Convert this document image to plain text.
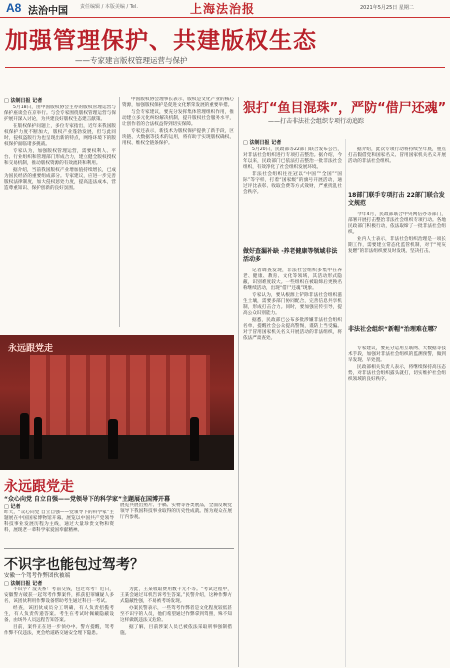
A8 法治中国 责任编辑 / 本版美编 / Tel.	上海法治报	2021年5月25日 星期二
加强管理保护、共建版权生态
——专家建言版权管理运营与保护
□ 法制日报 记者

5月18日，由中国版权协会主办的版权管理运营与保护座谈会在京举行。与会专家围绕版权管理运营与保护展开深入讨论，为共建良好版权生态建言献策。

在版权保护问题上，多位专家指出，近年来我国版权保护力度不断加大，版权产业蓬勃发展，但与此同时，侵权盗版行为也呈现出新的特点，网络环境下的版权保护面临诸多挑战。

专家认为，加强版权管理运营，需要权利人、平台、行业组织和管理部门形成合力，建立健全版权授权和交易机制，推动版权资源的有效流转和利用。

据介绍，当前我国版权产业增加值持续增长，已成为国民经济的重要组成部分。专家建议，应进一步完善版权法律制度，加大侵权惩处力度，提高违法成本，营造尊重知识、保护创新的良好氛围。

中国版权协会理事长表示，版权是文化产业的核心资源，加强版权保护是促进文化繁荣发展的重要举措。

与会专家建议，要充分发挥集体管理组织作用，推动建立多元化纠纷解决机制，提升版权社会服务水平，让创作者的合法权益得到切实保障。

专家还表示，新技术为版权保护提供了新手段，区块链、大数据等技术的运用，将有助于实现版权确权、用权、维权全链条保护。

永远跟党走
永远跟党走
“众心向党 自立自强——党领导下的科学家”主题展在国博开幕
□ 记者
昨天，“众心向党 自立自强——党领导下的科学家”主题展在中国国家博物馆开幕。展览以中国共产党领导科技事业发展历程为主线，通过大量珍贵文物和资料，展现老一辈科学家爱国奉献精神。
展览共展出照片、手稿、实物等各类展品，全面反映党领导下我国科技事业取得的历史性成就。图为观众在展厅内参观。
不识字也能包过驾考？
安徽一个驾考作弊团伙被端
□ 法制日报 记者

不识字？没关系！考前交钱，包过驾考！近日，安徽警方破获一起驾考作弊案件，抓获犯罪嫌疑人多名，该团伙利用作弊设备帮助考生通过科目一考试。

经查，该团伙成员分工明确，有人负责招揽考生，有人负责传递答案。考生在考试时佩戴隐蔽设备，由场外人员远程告知答案。

目前，案件正在进一步侦办中。警方提醒，驾考作弊不仅违法，更会给道路交通安全埋下隐患。

为此，王某收取费用数千元不等。“考试过程中，王某会通过耳机告诉考生答案。”民警介绍，这种作弊方式隐蔽性强，不易被考场发现。

办案民警表示，一些驾考作弊者是文化程度较低甚至不识字的人员，他们希望通过作弊拿到驾照，殊不知这样做既违法又危险。

据了解，目前涉案人员已被依法采取刑事强制措施。

狠打“鱼目混珠”，严防“借尸还魂”
——打击非法社会组织专项行动追踪
□ 法制日报 记者

5月20日，民政部等22部门联合发布公告，对非法社会组织进行专项打击整治。据介绍，今年以来，民政部门已依法打击整治一批非法社会组织，有效净化了社会组织发展环境。

非法社会组织往往冠以“中国”“全国”“国际”等字样，打着“国家级”的旗号开展活动，通过评比表彰、收取会费等方式敛财，严重扰乱社会秩序。

做好查漏补缺 ·养老健康等领域非法活动多

记者调查发现，非法社会组织多集中在养老、健康、教育、文化等领域，其活动形式隐蔽，识别难度较大。一些组织在被取缔后更换名称继续活动，出现“借尸还魂”现象。

专家认为，要从根源上铲除非法社会组织滋生土壤，需要多部门协同配合，完善信息共享机制，形成打击合力。同时，要加强宣传引导，提高公众识别能力。

据悉，民政部已公布多批涉嫌非法社会组织名单，提醒社会公众提高警惕，谨防上当受骗。对于冒用国家机关名义开展活动的非法组织，将依法严肃查处。

据介绍，此次专项行动将持续至年底，重点打击假借党和国家名义、冒用国家机关名义开展活动的非法社会组织。

18部门联手专项打击 22部门联合发文规范

今年4月，民政部联合中央网信办等部门，部署开展打击整治非法社会组织专项行动。各地民政部门积极行动，依法取缔了一批非法社会组织。

业内人士表示，非法社会组织治理是一项长期工作，需要建立常态化监管机制，对于“死灰复燃”的非法组织要及时发现、坚决打击。

非法社会组织“新帽”治理难在哪？

专家建议，要充分运用互联网、大数据等技术手段，加强对非法社会组织的监测预警，做到早发现、早处置。

民政部相关负责人表示，将继续保持高压态势，对非法社会组织露头就打，切实维护社会组织领域的良好秩序。
